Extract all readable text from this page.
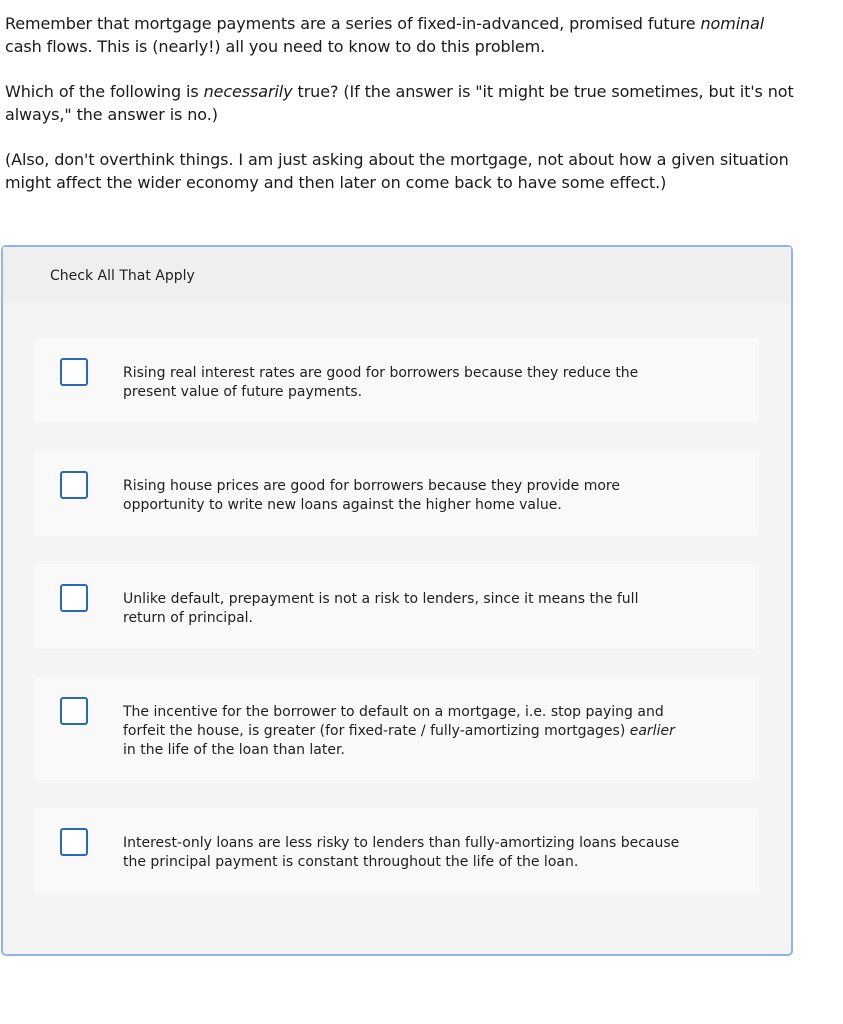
Remember that mortgage payments are a series of fixed-in-advanced, promised future nominal cash flows. This is (nearly!) all you need to know to do this problem.

Which of the following is necessarily true? (If the answer is "it might be true sometimes, but it's not always," the answer is no.)

(Also, don't overthink things. I am just asking about the mortgage, not about how a given situation might affect the wider economy and then later on come back to have some effect.)

Check All That Apply
Rising real interest rates are good for borrowers because they reduce the present value of future payments.
Rising house prices are good for borrowers because they provide more opportunity to write new loans against the higher home value.
Unlike default, prepayment is not a risk to lenders, since it means the full return of principal.
The incentive for the borrower to default on a mortgage, i.e. stop paying and forfeit the house, is greater (for fixed-rate / fully-amortizing mortgages) earlier in the life of the loan than later.
Interest-only loans are less risky to lenders than fully-amortizing loans because the principal payment is constant throughout the life of the loan.
